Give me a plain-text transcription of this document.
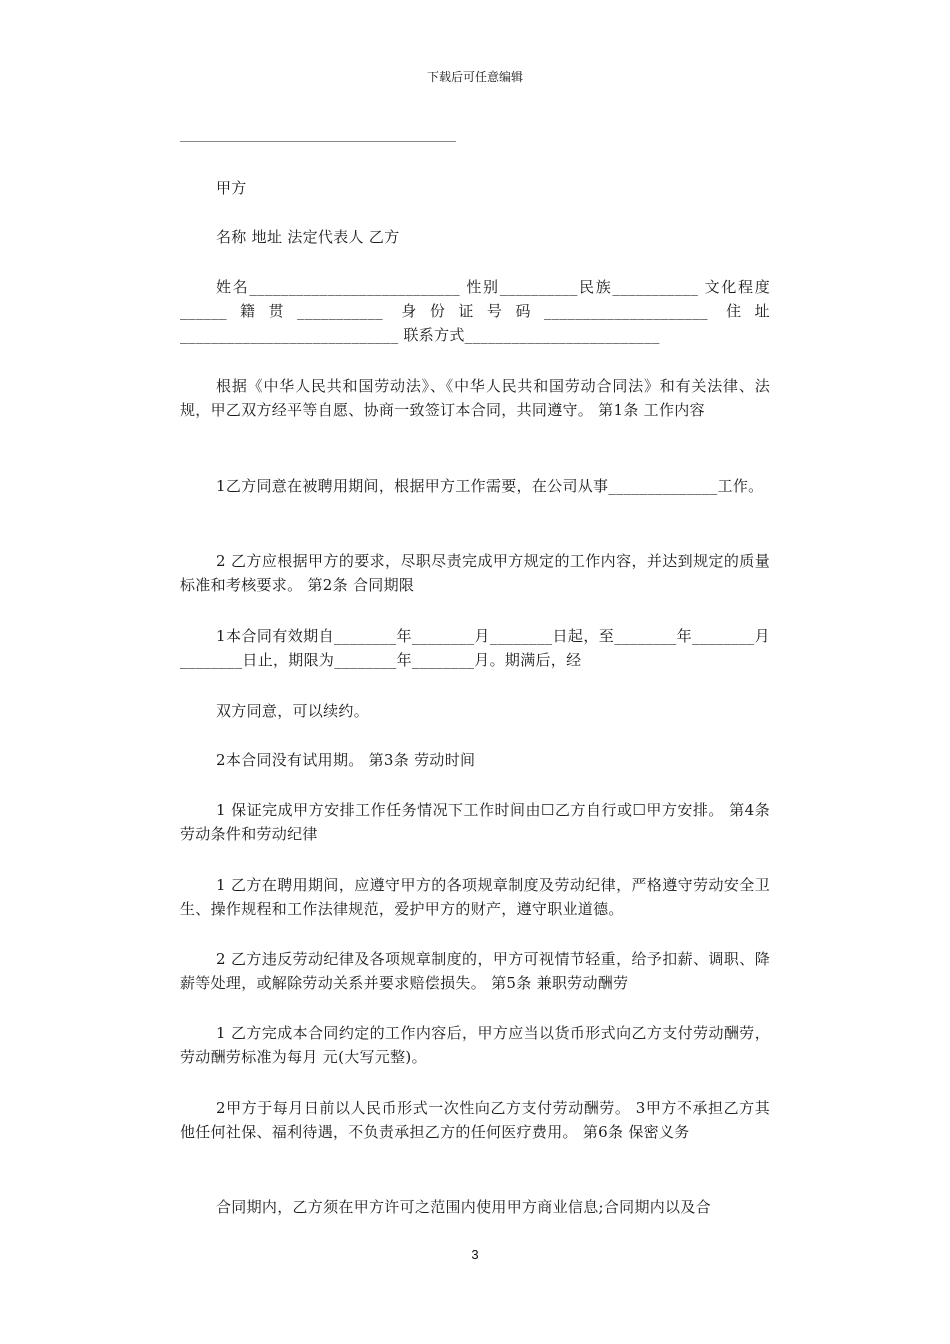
下载后可任意编辑

甲方

名称 地址 法定代表人 乙方

姓名___________________________ 性别__________民族___________ 文化程度______籍贯___________ 身份证号码_____________________ 住址____________________________ 联系方式_________________________

根据《中华人民共和国劳动法》、《中华人民共和国劳动合同法》和有关法律、法规，甲乙双方经平等自愿、协商一致签订本合同，共同遵守。 第1条 工作内容

1乙方同意在被聘用期间，根据甲方工作需要，在公司从事______________工作。

2 乙方应根据甲方的要求，尽职尽责完成甲方规定的工作内容，并达到规定的质量标准和考核要求。 第2条 合同期限

1本合同有效期自________年________月________日起，至________年________月________日止，期限为________年________月。期满后，经

双方同意，可以续约。

2本合同没有试用期。 第3条 劳动时间

1 保证完成甲方安排工作任务情况下工作时间由☐乙方自行或☐甲方安排。 第4条 劳动条件和劳动纪律

1 乙方在聘用期间，应遵守甲方的各项规章制度及劳动纪律，严格遵守劳动安全卫生、操作规程和工作法律规范，爱护甲方的财产，遵守职业道德。

2 乙方违反劳动纪律及各项规章制度的，甲方可视情节轻重，给予扣薪、调职、降薪等处理，或解除劳动关系并要求赔偿损失。 第5条 兼职劳动酬劳

1 乙方完成本合同约定的工作内容后，甲方应当以货币形式向乙方支付劳动酬劳，劳动酬劳标准为每月 元(大写元整)。

2甲方于每月日前以人民币形式一次性向乙方支付劳动酬劳。 3甲方不承担乙方其他任何社保、福利待遇，不负责承担乙方的任何医疗费用。 第6条 保密义务

合同期内，乙方须在甲方许可之范围内使用甲方商业信息;合同期内以及合

3
